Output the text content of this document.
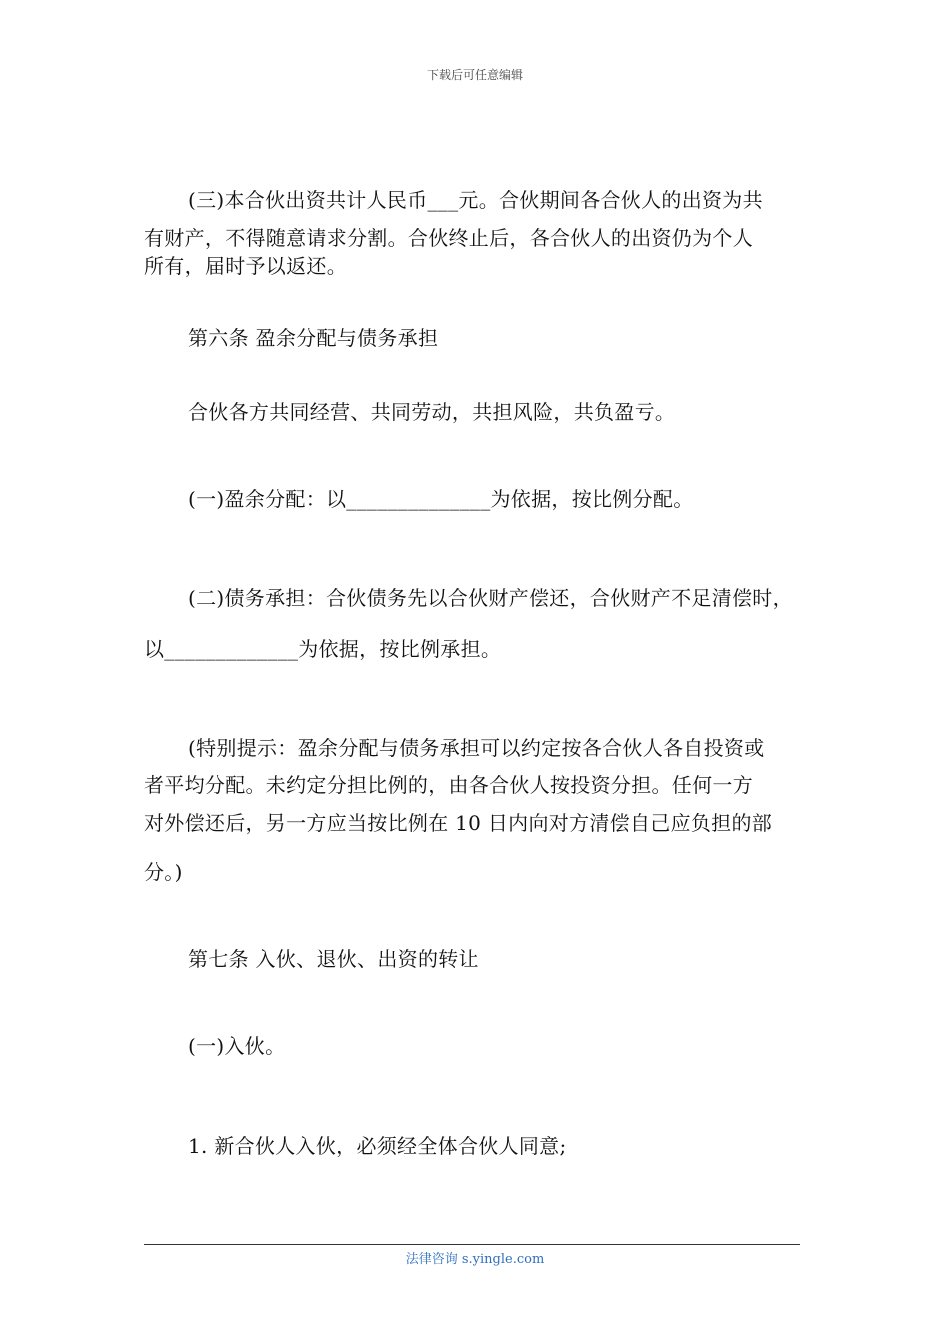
下载后可任意编辑
(三)本合伙出资共计人民币___元。合伙期间各合伙人的出资为共
有财产，不得随意请求分割。合伙终止后，各合伙人的出资仍为个人
所有，届时予以返还。
第六条 盈余分配与债务承担
合伙各方共同经营、共同劳动，共担风险，共负盈亏。
(一)盈余分配：以______________为依据，按比例分配。
(二)债务承担：合伙债务先以合伙财产偿还，合伙财产不足清偿时，
以_____________为依据，按比例承担。
(特别提示：盈余分配与债务承担可以约定按各合伙人各自投资或
者平均分配。未约定分担比例的，由各合伙人按投资分担。任何一方
对外偿还后，另一方应当按比例在 10 日内向对方清偿自己应负担的部
分。)
第七条 入伙、退伙、出资的转让
(一)入伙。
1. 新合伙人入伙，必须经全体合伙人同意;
法律咨询 s.yingle.com
